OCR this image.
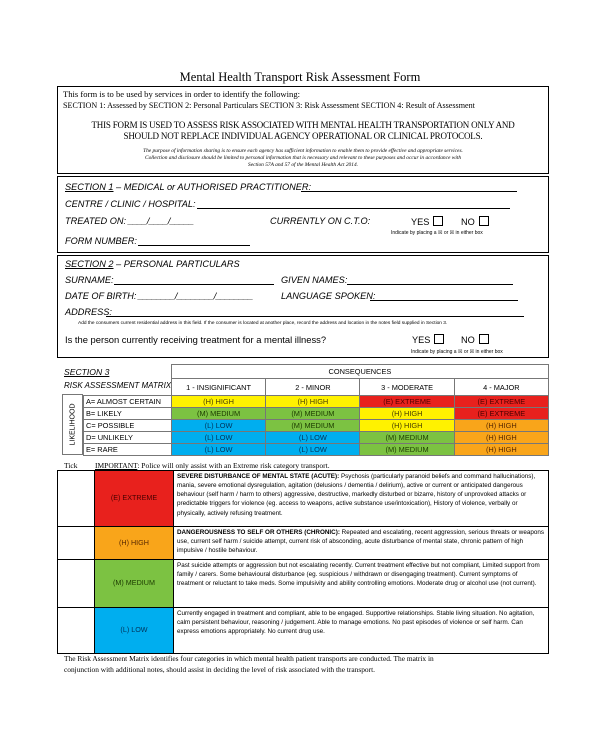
Mental Health Transport Risk Assessment Form
This form is to be used by services in order to identify the following:
SECTION 1: Assessed by SECTION 2: Personal Particulars SECTION 3: Risk Assessment SECTION 4: Result of Assessment
THIS FORM IS USED TO ASSESS RISK ASSOCIATED WITH MENTAL HEALTH TRANSPORTATION ONLY AND
SHOULD NOT REPLACE INDIVIDUAL AGENCY OPERATIONAL OR CLINICAL PROTOCOLS.
The purpose of information sharing is to ensure each agency has sufficient information to enable them to provide effective and appropriate services.
Collection and disclosure should be limited to personal information that is necessary and relevant to these purposes and occur in accordance with
Section 57A and 57 of the Mental Health Act 2014.
SECTION 1 – MEDICAL or AUTHORISED PRACTITIONER:
CENTRE / CLINIC / HOSPITAL:
TREATED ON: ____/____/_____	CURRENTLY ON C.T.O:	YES	NO
Indicate by placing a ☒ or ☒ in either box
FORM NUMBER:
SECTION 2 – PERSONAL PARTICULARS
SURNAME:	GIVEN NAMES:
DATE OF BIRTH: ________/________/________	LANGUAGE SPOKEN:
ADDRESS:
Add the consumers current residential address in this field. If the consumer is located at another place, record the address and location in the notes field supplied in Section 3.
Is the person currently receiving treatment for a mental illness?	YES	NO
Indicate by placing a ☒ or ☒ in either box
SECTION 3
RISK ASSESSMENT MATRIX
LIKELIHOOD
	CONSEQUENCES			
	1 - INSIGNIFICANT	2 - MINOR	3 - MODERATE	4 - MAJOR
A= ALMOST CERTAIN	(H) HIGH	(H) HIGH	(E) EXTREME	(E) EXTREME
B= LIKELY	(M) MEDIUM	(M) MEDIUM	(H) HIGH	(E) EXTREME
C= POSSIBLE	(L) LOW	(M) MEDIUM	(H) HIGH	(H) HIGH
D= UNLIKELY	(L) LOW	(L) LOW	(M) MEDIUM	(H) HIGH
E= RARE	(L) LOW	(L) LOW	(M) MEDIUM	(H) HIGH
Tick IMPORTANT: Police will only assist with an Extreme risk category transport.
	(E) EXTREME	SEVERE DISTURBANCE OF MENTAL STATE (ACUTE): Psychosis (particularly paranoid beliefs and command hallucinations), mania, severe emotional dysregulation, agitation (delusions / dementia / delirium), active or current or anticipated dangerous behaviour (self harm / harm to others) aggressive, destructive, markedly disturbed or bizarre, history of unprovoked attacks or predictable triggers for violence (eg. access to weapons, active substance use/intoxication), History of violence, verbally or physically, actively refusing treatment.
	(H) HIGH	DANGEROUSNESS TO SELF OR OTHERS (CHRONIC): Repeated and escalating, recent aggression, serious threats or weapons use, current self harm / suicide attempt, current risk of absconding, acute disturbance of mental state, chronic pattern of high impulsive / hostile behaviour.
	(M) MEDIUM	Past suicide attempts or aggression but not escalating recently. Current treatment effective but not compliant, Limited support from family / carers. Some behavioural disturbance (eg. suspicious / withdrawn or disengaging treatment). Current symptoms of treatment or reluctant to take meds. Some impulsivity and ability controlling emotions. Moderate drug or alcohol use (not current).
	(L) LOW	Currently engaged in treatment and compliant, able to be engaged. Supportive relationships. Stable living situation. No agitation, calm persistent behaviour, reasoning / judgement. Able to manage emotions. No past episodes of violence or self harm. Can express emotions appropriately. No current drug use.
The Risk Assessment Matrix identifies four categories in which mental health patient transports are conducted. The matrix in
conjunction with additional notes, should assist in deciding the level of risk associated with the transport.
